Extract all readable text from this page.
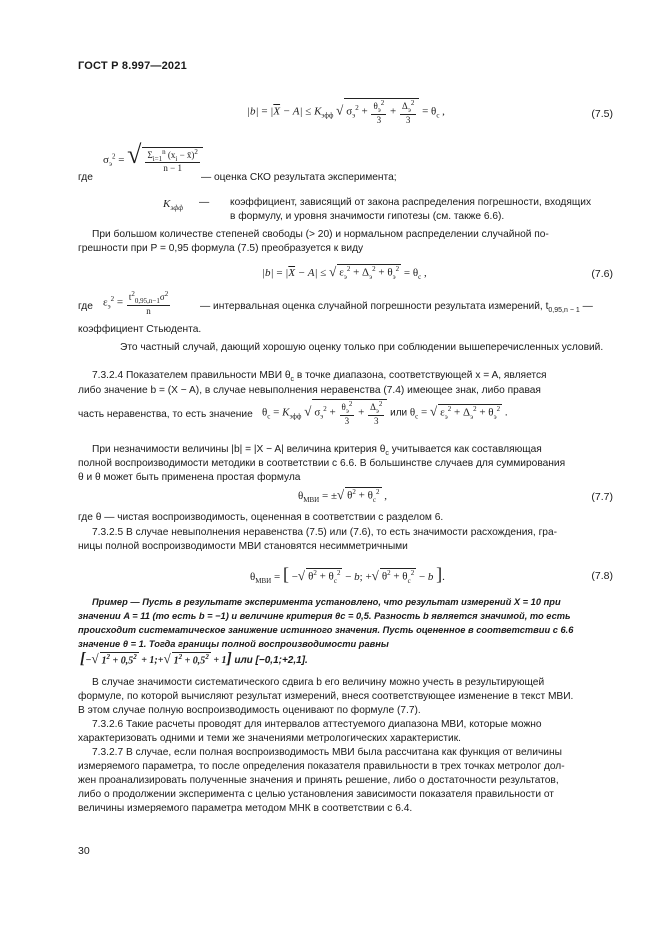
ГОСТ Р 8.997—2021
$|b| = |\overline{X} - A| \le K_{эфф}$ √ $\sigma_э^2 + \frac{\theta_э^2}{3} + \frac{\Delta_э^2}{3} = \theta_c$ ,	(7.5)
где
$\sigma_э^2$ = √ $\frac{\Sigma_{i=1}^n (x_i - x̄)^2}{n - 1}$
— оценка СКО результата эксперимента;
$K_{эфф}$
— коэффициент, зависящий от закона распределения погрешности, входящих
в формулу, и уровня значимости гипотезы (см. также 6.6).
При большом количестве степеней свободы (> 20) и нормальном распределении случайной по-
грешности при P = 0,95 формула (7.5) преобразуется к виду
$|b| = |\overline{X} - A|$ ≤ √ $\varepsilon_э^2 + \Delta_э^2 + \theta_э^2 = \theta_c$ ,	(7.6)
где $\varepsilon_э^2 = \frac{t^2_{0,95,n-1}\sigma^2}{n}$	— интервальная оценка случайной погрешности результата измерений, $t_{0,95,n - 1}$ —
коэффициент Стьюдента.
Это частный случай, дающий хорошую оценку только при соблюдении вышеперечисленных условий.
7.3.2.4 Показателем правильности МВИ $\theta_c$ в точке диапазона, соответствующей x = A, является
либо значение b = (X − A), в случае невыполнения неравенства (7.4) имеющее знак, либо правая
часть неравенства, то есть значение $\theta_c = K_{эфф}$ √ $\sigma_э^2 + \frac{\theta_э^2}{3} + \frac{\Delta_э^2}{3}$ или $\theta_c$ = √ $\varepsilon_э^2 + \Delta_э^2 + \theta_э^2$ .
При незначимости величины |b| = |X − A| величина критерия $\theta_c$ учитывается как составляющая
полной воспроизводимости методики в соответствии с 6.6. В большинстве случаев для суммирования
θ и θ может быть применена простая формула
$\theta_{МВИ}$ = ±√ $\theta^2 + \theta_c^2$ ,	(7.7)
где θ — чистая воспроизводимость, оцененная в соответствии с разделом 6.
7.3.2.5 В случае невыполнения неравенства (7.5) или (7.6), то есть значимости расхождения, гра-
ницы полной воспроизводимости МВИ становятся несимметричными
$\theta_{МВИ}$ = [ −√ $\theta^2 + \theta_c^2 - b$; +√ $\theta^2 + \theta_c^2 - b$ ].	(7.8)
Пример — Пусть в результате эксперимента установлено, что результат измерений X = 10 при
значении A = 11 (то есть b = −1) и величине критерия θc = 0,5. Разность b является значимой, то есть
происходит систематическое занижение истинного значения. Пусть оцененное в соответствии с 6.6
значение θ = 1. Тогда границы полной воспроизводимости равны
[−√ $1^2 + 0,5^2$ + 1;+√ $1^2 + 0,5^2 + 1$] или [−0,1;+2,1].
В случае значимости систематического сдвига b его величину можно учесть в результирующей
формуле, по которой вычисляют результат измерений, внеся соответствующее изменение в текст МВИ.
В этом случае полную воспроизводимость оценивают по формуле (7.7).
7.3.2.6 Такие расчеты проводят для интервалов аттестуемого диапазона МВИ, которые можно
характеризовать одними и теми же значениями метрологических характеристик.
7.3.2.7 В случае, если полная воспроизводимость МВИ была рассчитана как функция от величины
измеряемого параметра, то после определения показателя правильности в трех точках метролог дол-
жен проанализировать полученные значения и принять решение, либо о достаточности результатов,
либо о продолжении эксперимента с целью установления зависимости показателя правильности от
величины измеряемого параметра методом МНК в соответствии с 6.4.
30
